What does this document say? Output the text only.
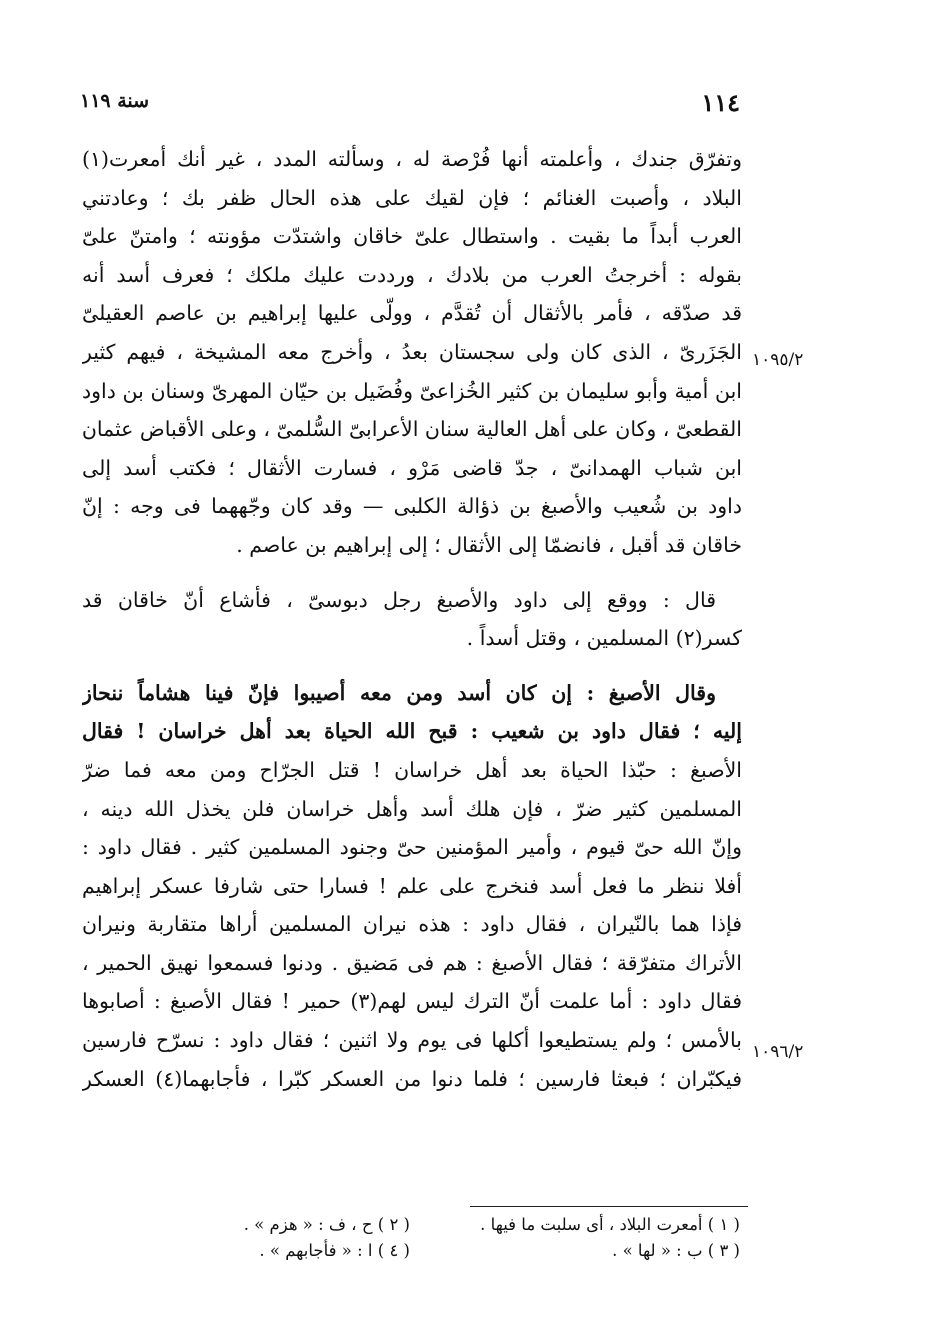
١١٤
سنة ١١٩
وتفرّق جندك ، وأعلمته أنها فُرْصة له ، وسألته المدد ، غير أنك أمعرت(١)
البلاد ، وأصبت الغنائم ؛ فإن لقيك على هذه الحال ظفر بك ؛ وعادتني
العرب أبداً ما بقيت . واستطال علىّ خاقان واشتدّت مؤونته ؛ وامتنّ علىّ
بقوله : أخرجتُ العرب من بلادك ، ورددت عليك ملكك ؛ فعرف أسد أنه
قد صدّقه ، فأمر بالأثقال أن تُقدَّم ، وولّى عليها إبراهيم بن عاصم العقيلىّ
الجَزَرىّ ، الذى كان ولى سجستان بعدُ ، وأخرج معه المشيخة ، فيهم كثير
ابن أمية وأبو سليمان بن كثير الخُزاعىّ وفُضَيل بن حيّان المهرىّ وسنان بن داود
القطعىّ ، وكان على أهل العالية سنان الأعرابىّ السُّلمىّ ، وعلى الأقباض عثمان
ابن شباب الهمدانىّ ، جدّ قاضى مَرْو ، فسارت الأثقال ؛ فكتب أسد إلى
داود بن شُعيب والأصبغ بن ذؤالة الكلبى — وقد كان وجّههما فى وجه : إنّ
خاقان قد أقبل ، فانضمّا إلى الأثقال ؛ إلى إبراهيم بن عاصم .
قال : ووقع إلى داود والأصبغ رجل دبوسىّ ، فأشاع أنّ خاقان قد
كسر(٢) المسلمين ، وقتل أسداً .
وقال الأصبغ : إن كان أسد ومن معه أصيبوا فإنّ فينا هشاماً ننحاز
إليه ؛ فقال داود بن شعيب : قبح الله الحياة بعد أهل خراسان ! فقال
الأصبغ : حبّذا الحياة بعد أهل خراسان ! قتل الجرّاح ومن معه فما ضرّ
المسلمين كثير ضرّ ، فإن هلك أسد وأهل خراسان فلن يخذل الله دينه ،
وإنّ الله حىّ قيوم ، وأمير المؤمنين حىّ وجنود المسلمين كثير . فقال داود :
أفلا ننظر ما فعل أسد فنخرج على علم ! فسارا حتى شارفا عسكر إبراهيم
فإذا هما بالنّيران ، فقال داود : هذه نيران المسلمين أراها متقاربة ونيران
الأتراك متفرّقة ؛ فقال الأصبغ : هم فى مَضيق . ودنوا فسمعوا نهيق الحمير ،
فقال داود : أما علمت أنّ الترك ليس لهم(٣) حمير ! فقال الأصبغ : أصابوها
بالأمس ؛ ولم يستطيعوا أكلها فى يوم ولا اثنين ؛ فقال داود : نسرّح فارسين
فيكبّران ؛ فبعثا فارسين ؛ فلما دنوا من العسكر كبّرا ، فأجابهما(٤) العسكر
١٠٩٥/٢
١٠٩٦/٢
( ١ ) أمعرت البلاد ، أى سلبت ما فيها .
( ٢ ) ح ، ف : « هزم » .
( ٣ ) ب : « لها » .
( ٤ ) ا : « فأجابهم » .
